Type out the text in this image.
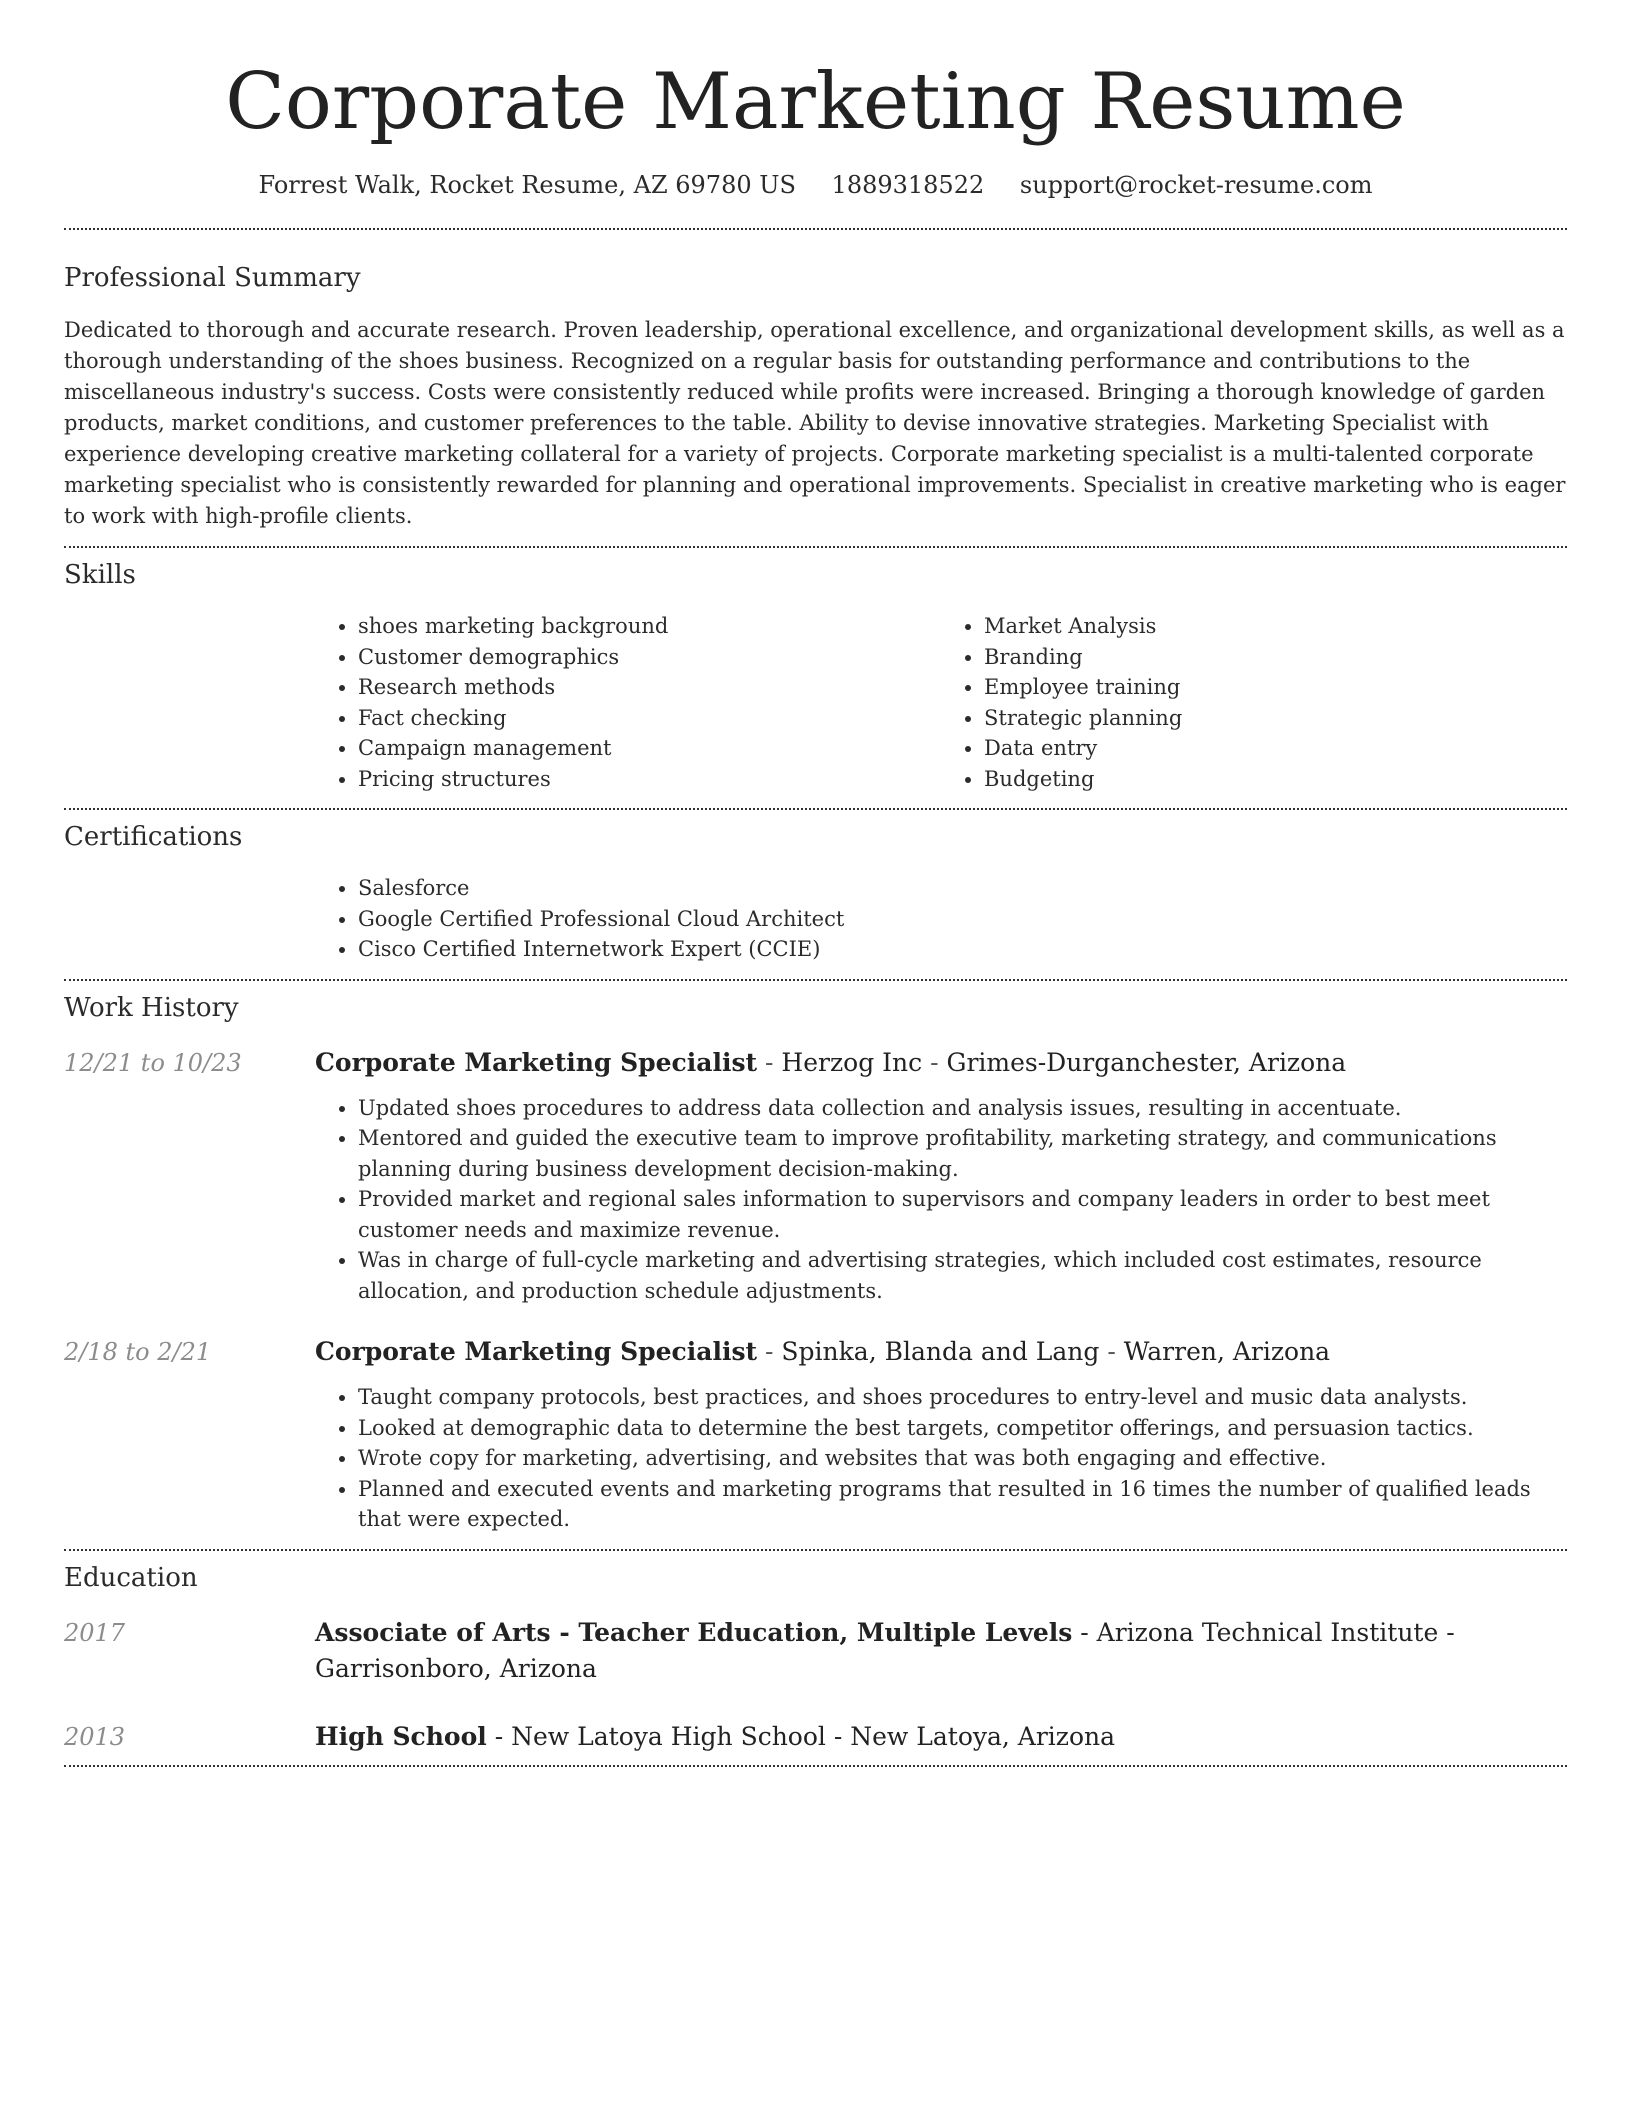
Corporate Marketing Resume
Forrest Walk, Rocket Resume, AZ 69780 US 1889318522 support@rocket-resume.com
Professional Summary

Dedicated to thorough and accurate research. Proven leadership, operational excellence, and organizational development skills, as well as a thorough understanding of the shoes business. Recognized on a regular basis for outstanding performance and contributions to the miscellaneous industry's success. Costs were consistently reduced while profits were increased. Bringing a thorough knowledge of garden products, market conditions, and customer preferences to the table. Ability to devise innovative strategies. Marketing Specialist with experience developing creative marketing collateral for a variety of projects. Corporate marketing specialist is a multi-talented corporate marketing specialist who is consistently rewarded for planning and operational improvements. Specialist in creative marketing who is eager to work with high-profile clients.

Skills
• shoes marketing background
• Customer demographics
• Research methods
• Fact checking
• Campaign management
• Pricing structures
• Market Analysis
• Branding
• Employee training
• Strategic planning
• Data entry
• Budgeting
Certifications
• Salesforce
• Google Certified Professional Cloud Architect
• Cisco Certified Internetwork Expert (CCIE)
Work History
12/21 to 10/23	Corporate Marketing Specialist - Herzog Inc - Grimes-Durganchester, Arizona
• Updated shoes procedures to address data collection and analysis issues, resulting in accentuate.
• Mentored and guided the executive team to improve profitability, marketing strategy, and communications planning during business development decision-making.
• Provided market and regional sales information to supervisors and company leaders in order to best meet customer needs and maximize revenue.
• Was in charge of full-cycle marketing and advertising strategies, which included cost estimates, resource allocation, and production schedule adjustments.
2/18 to 2/21	Corporate Marketing Specialist - Spinka, Blanda and Lang - Warren, Arizona
• Taught company protocols, best practices, and shoes procedures to entry-level and music data analysts.
• Looked at demographic data to determine the best targets, competitor offerings, and persuasion tactics.
• Wrote copy for marketing, advertising, and websites that was both engaging and effective.
• Planned and executed events and marketing programs that resulted in 16 times the number of qualified leads that were expected.
Education
2017	Associate of Arts - Teacher Education, Multiple Levels - Arizona Technical Institute - Garrisonboro, Arizona
2013	High School - New Latoya High School - New Latoya, Arizona
